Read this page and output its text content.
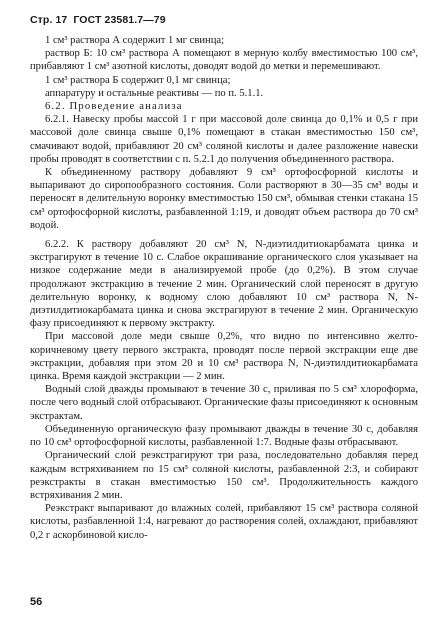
Стр. 17 ГОСТ 23581.7—79

1 см³ раствора А содержит 1 мг свинца;

раствор Б: 10 см³ раствора А помещают в мерную колбу вместимостью 100 см³, прибавляют 1 см³ азотной кислоты, доводят водой до метки и перемешивают.

1 см³ раствора Б содержит 0,1 мг свинца;

аппаратуру и остальные реактивы — по п. 5.1.1.

6.2. Проведение анализа

6.2.1. Навеску пробы массой 1 г при массовой доле свинца до 0,1% и 0,5 г при массовой доле свинца свыше 0,1% помещают в стакан вместимостью 150 см³, смачивают водой, прибавляют 20 см³ соляной кислоты и далее разложение навески пробы проводят в соответствии с п. 5.2.1 до получения объединенного раствора.

К объединенному раствору добавляют 9 см³ ортофосфорной кислоты и выпаривают до сиропообразного состояния. Соли растворяют в 30—35 см³ воды и переносят в делительную воронку вместимостью 150 см³, обмывая стенки стакана 15 см³ ортофосфорной кислоты, разбавленной 1:19, и доводят объем раствора до 70 см³ водой.

6.2.2. К раствору добавляют 20 см³ N, N-диэтилдитиокарбамата цинка и экстрагируют в течение 10 с. Слабое окрашивание органического слоя указывает на низкое содержание меди в анализируемой пробе (до 0,2%). В этом случае продолжают экстракцию в течение 2 мин. Органический слой переносят в другую делительную воронку, к водному слою добавляют 10 см³ раствора N, N-диэтилдитиокарбамата цинка и снова экстрагируют в течение 2 мин. Органическую фазу присоединяют к первому экстракту.

При массовой доле меди свыше 0,2%, что видно по интенсивно желто-коричневому цвету первого экстракта, проводят после первой экстракции еще две экстракции, добавляя при этом 20 и 10 см³ раствора N, N-диэтилдитиокарбамата цинка. Время каждой экстракции — 2 мин.

Водный слой дважды промывают в течение 30 с, приливая по 5 см³ хлороформа, после чего водный слой отбрасывают. Органические фазы присоединяют к основным экстрактам.

Объединенную органическую фазу промывают дважды в течение 30 с, добавляя по 10 см³ ортофосфорной кислоты, разбавленной 1:7. Водные фазы отбрасывают.

Органический слой реэкстрагируют три раза, последовательно добавляя перед каждым встряхиванием по 15 см³ соляной кислоты, разбавленной 2:3, и собирают реэкстракты в стакан вместимостью 150 см³. Продолжительность каждого встряхивания 2 мин.

Реэкстракт выпаривают до влажных солей, прибавляют 15 см³ раствора соляной кислоты, разбавленной 1:4, нагревают до растворения солей, охлаждают, прибавляют 0,2 г аскорбиновой кисло-

56
